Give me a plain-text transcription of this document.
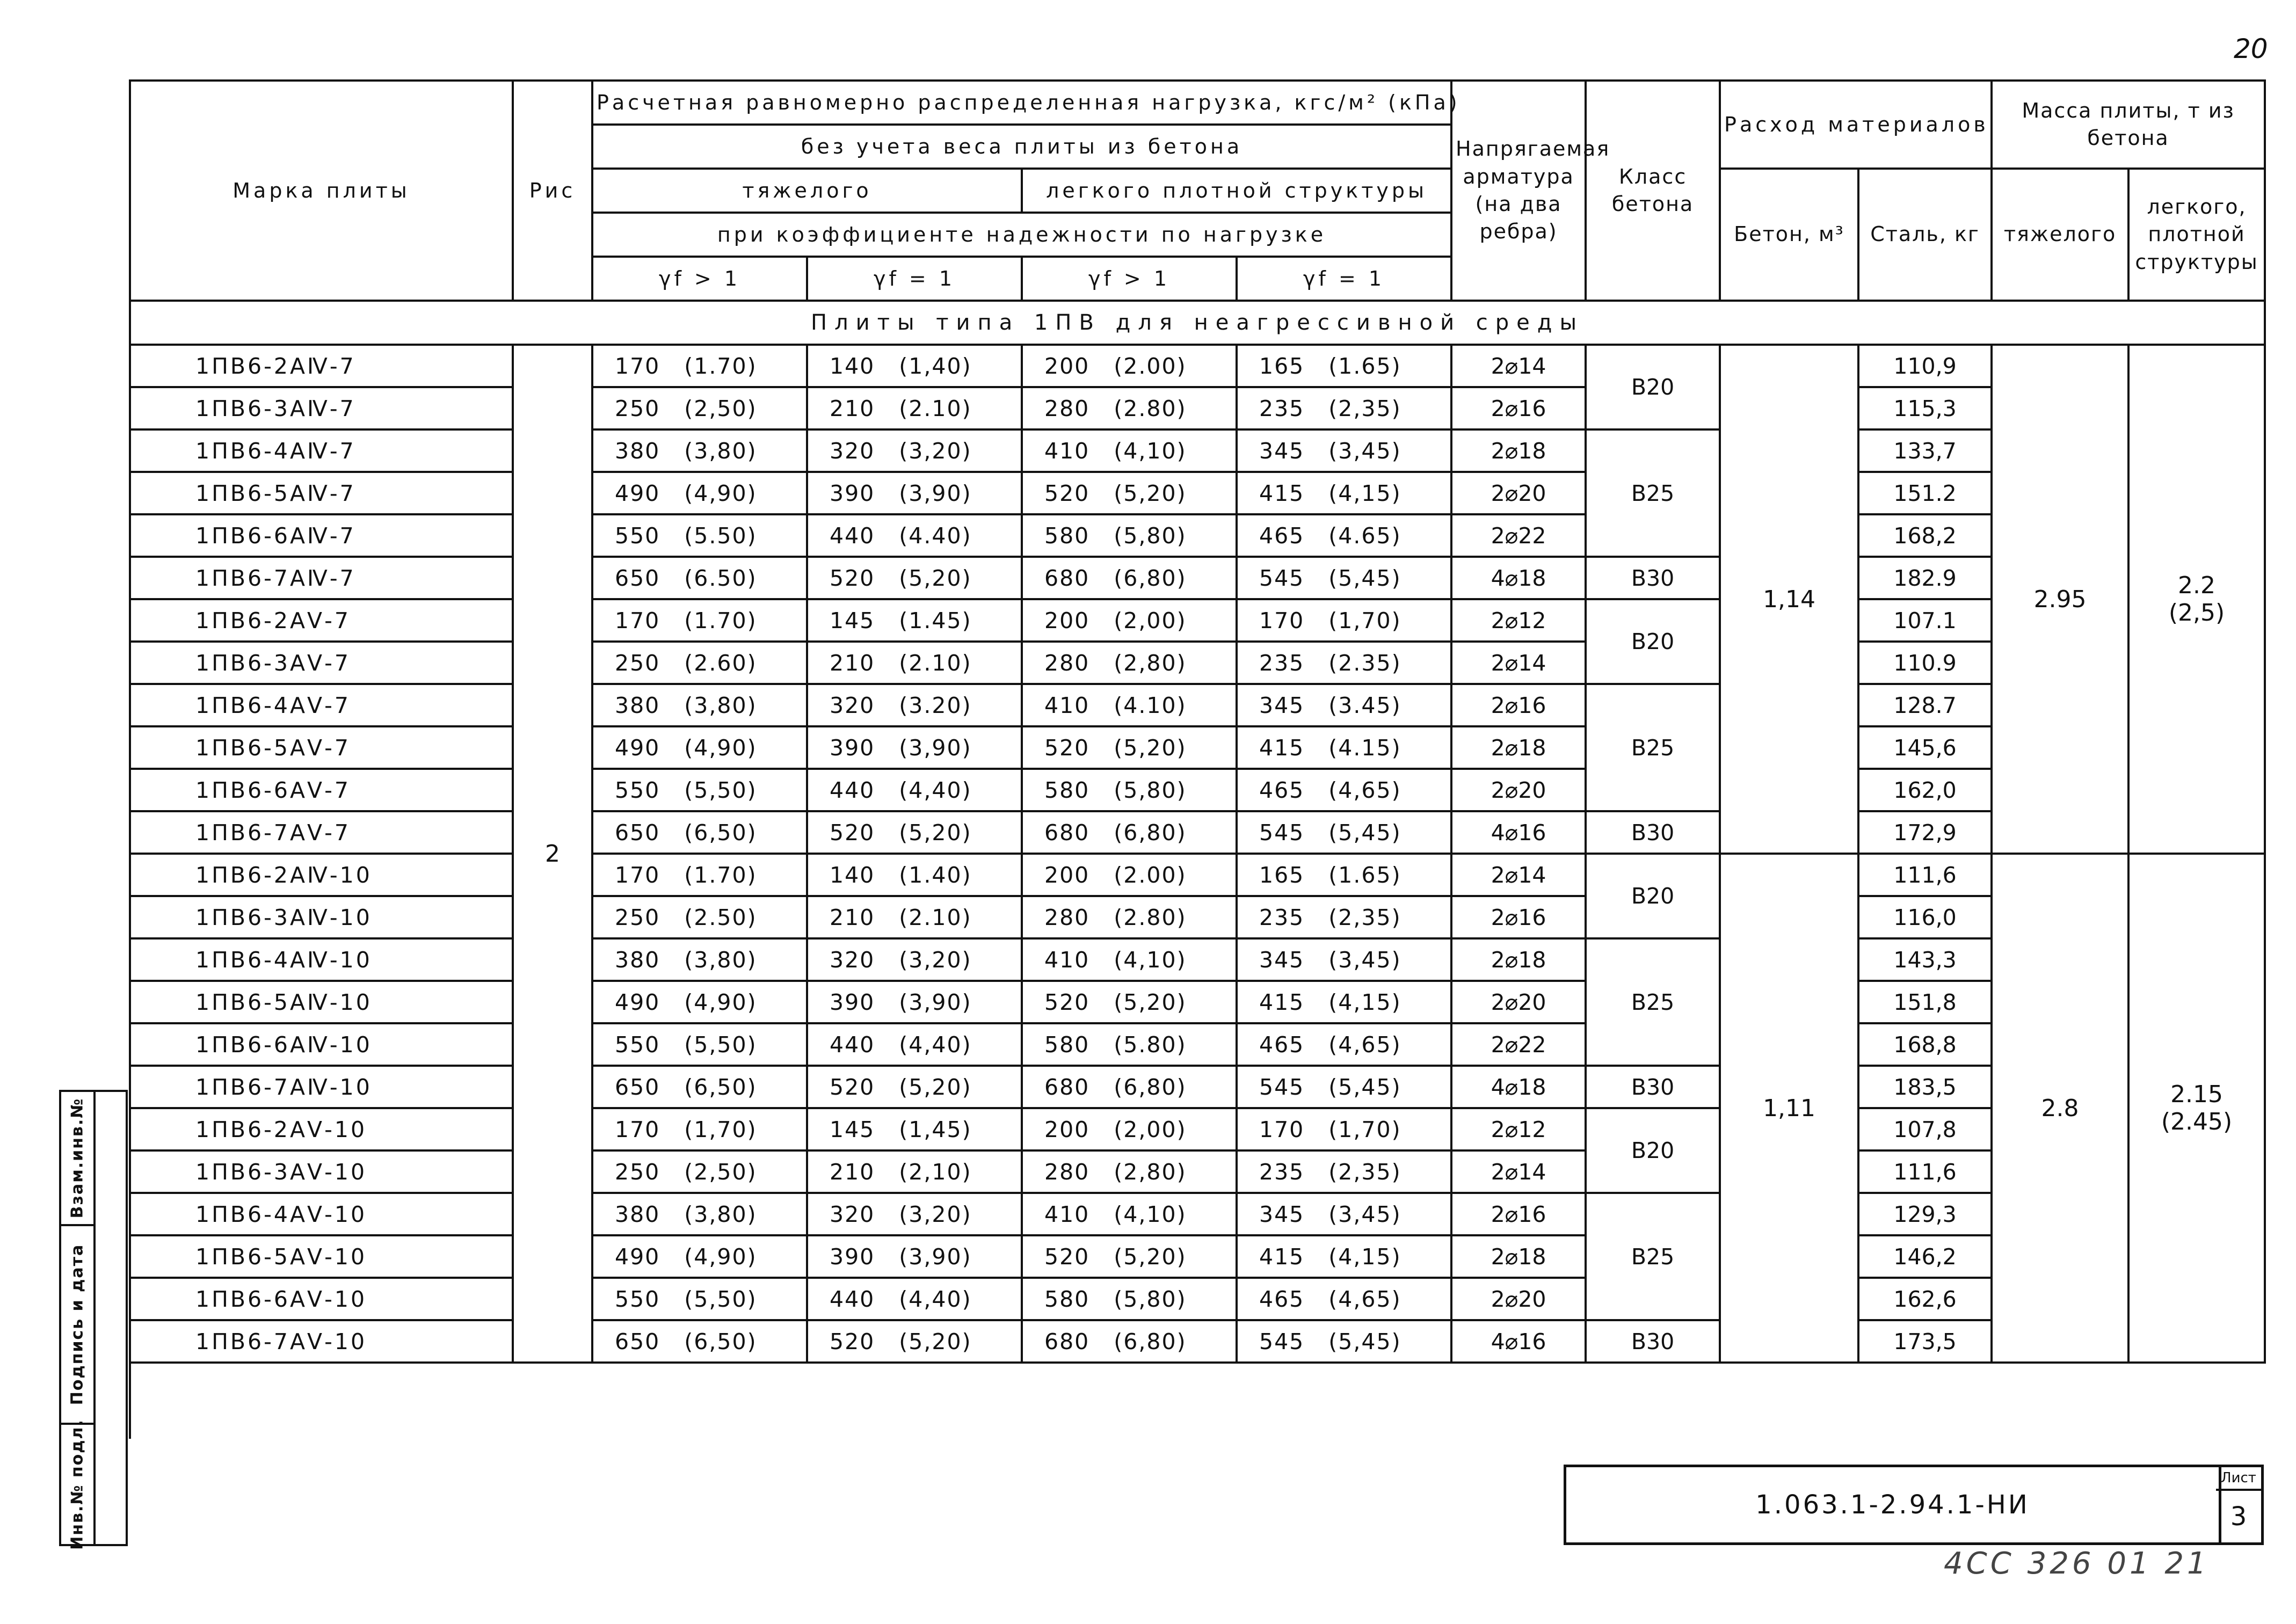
20
Марка плиты	Рис	Расчетная равномерно распределенная нагрузка, кгс/м² (кПа)				Напрягаемая арматура (на два ребра)	Класс бетона	Расход материалов		Масса плиты, т из бетона	
		без учета веса плиты из бетона									
		тяжелого		легкого плотной структуры				Бетон, м³	Сталь, кг	тяжелого	легкого, плотной структуры
		при коэффициенте надежности по нагрузке									
		γf > 1	γf = 1	γf > 1	γf = 1						
Плиты типа 1ПВ для неагрессивной среды											
1ПВ6-2АⅣ-7	2	170 (1.70)	140 (1,40)	200 (2.00)	165 (1.65)	2⌀14	B20	1,14	110,9	2.95	2.2
(2,5)

1ПВ6-3АⅣ-7		250 (2,50)	210 (2.10)	280 (2.80)	235 (2,35)	2⌀16			115,3		
1ПВ6-4АⅣ-7		380 (3,80)	320 (3,20)	410 (4,10)	345 (3,45)	2⌀18	B25		133,7		
1ПВ6-5АⅣ-7		490 (4,90)	390 (3,90)	520 (5,20)	415 (4,15)	2⌀20			151.2		
1ПВ6-6АⅣ-7		550 (5.50)	440 (4.40)	580 (5,80)	465 (4.65)	2⌀22			168,2		
1ПВ6-7АⅣ-7		650 (6.50)	520 (5,20)	680 (6,80)	545 (5,45)	4⌀18	B30		182.9		
1ПВ6-2АⅤ-7		170 (1.70)	145 (1.45)	200 (2,00)	170 (1,70)	2⌀12	B20		107.1		
1ПВ6-3АⅤ-7		250 (2.60)	210 (2.10)	280 (2,80)	235 (2.35)	2⌀14			110.9		
1ПВ6-4АⅤ-7		380 (3,80)	320 (3.20)	410 (4.10)	345 (3.45)	2⌀16	B25		128.7		
1ПВ6-5АⅤ-7		490 (4,90)	390 (3,90)	520 (5,20)	415 (4.15)	2⌀18			145,6		
1ПВ6-6АⅤ-7		550 (5,50)	440 (4,40)	580 (5,80)	465 (4,65)	2⌀20			162,0		
1ПВ6-7АⅤ-7		650 (6,50)	520 (5,20)	680 (6,80)	545 (5,45)	4⌀16	B30		172,9		
1ПВ6-2АⅣ-10		170 (1.70)	140 (1.40)	200 (2.00)	165 (1.65)	2⌀14	B20	1,11	111,6	2.8	2.15
(2.45)

1ПВ6-3АⅣ-10		250 (2.50)	210 (2.10)	280 (2.80)	235 (2,35)	2⌀16			116,0		
1ПВ6-4АⅣ-10		380 (3,80)	320 (3,20)	410 (4,10)	345 (3,45)	2⌀18	B25		143,3		
1ПВ6-5АⅣ-10		490 (4,90)	390 (3,90)	520 (5,20)	415 (4,15)	2⌀20			151,8		
1ПВ6-6АⅣ-10		550 (5,50)	440 (4,40)	580 (5.80)	465 (4,65)	2⌀22			168,8		
1ПВ6-7АⅣ-10		650 (6,50)	520 (5,20)	680 (6,80)	545 (5,45)	4⌀18	B30		183,5		
1ПВ6-2АⅤ-10		170 (1,70)	145 (1,45)	200 (2,00)	170 (1,70)	2⌀12	B20		107,8		
1ПВ6-3АⅤ-10		250 (2,50)	210 (2,10)	280 (2,80)	235 (2,35)	2⌀14			111,6		
1ПВ6-4АⅤ-10		380 (3,80)	320 (3,20)	410 (4,10)	345 (3,45)	2⌀16	B25		129,3		
1ПВ6-5АⅤ-10		490 (4,90)	390 (3,90)	520 (5,20)	415 (4,15)	2⌀18			146,2		
1ПВ6-6АⅤ-10		550 (5,50)	440 (4,40)	580 (5,80)	465 (4,65)	2⌀20			162,6		
1ПВ6-7АⅤ-10		650 (6,50)	520 (5,20)	680 (6,80)	545 (5,45)	4⌀16	B30		173,5		

1.063.1-2.94.1-НИ
Лист
3
Взам.инв.№
Подпись и дата
Инв.№ подл.
4СС 326 01 21
